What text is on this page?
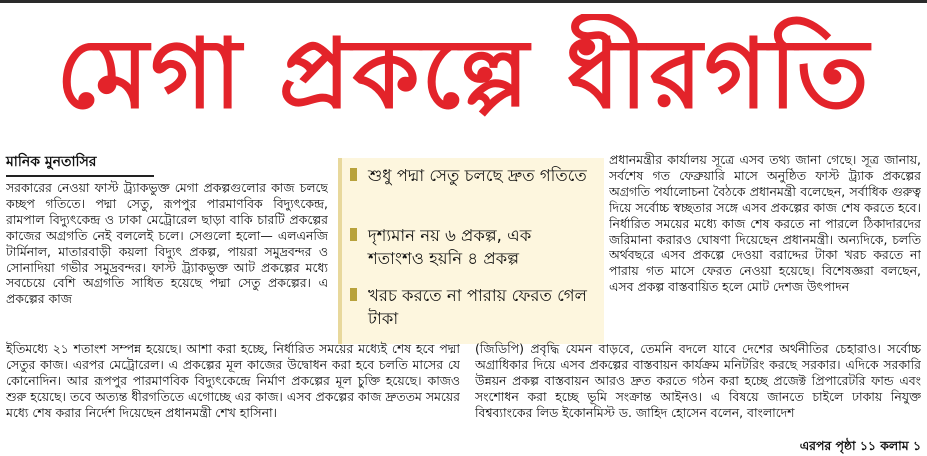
মেগা প্রকল্পে ধীরগতি
মানিক মুনতাসির

সরকারের নেওয়া ফাস্ট ট্র্যাকভুক্ত মেগা প্রকল্পগুলোর কাজ চলছে কচ্ছপ গতিতে। পদ্মা সেতু, রূপপুর পারমাণবিক বিদ্যুৎকেন্দ্র, রামপাল বিদ্যুৎকেন্দ্র ও ঢাকা মেট্রোরেল ছাড়া বাকি চারটি প্রকল্পের কাজের অগ্রগতি নেই বললেই চলে। সেগুলো হলো— এলএনজি টার্মিনাল, মাতারবাড়ী কয়লা বিদ্যুৎ প্রকল্প, পায়রা সমুদ্রবন্দর ও সোনাদিয়া গভীর সমুদ্রবন্দর। ফাস্ট ট্র্যাকভুক্ত আট প্রকল্পের মধ্যে সবচেয়ে বেশি অগ্রগতি সাধিত হয়েছে পদ্মা সেতু প্রকল্পের। এ প্রকল্পের কাজ

শুধু পদ্মা সেতু চলছে দ্রুত গতিতে
দৃশ্যমান নয় ৬ প্রকল্প, এক শতাংশও হয়নি ৪ প্রকল্প
খরচ করতে না পারায় ফেরত গেল টাকা

প্রধানমন্ত্রীর কার্যালয় সূত্রে এসব তথ্য জানা গেছে। সূত্র জানায়, সর্বশেষ গত ফেব্রুয়ারি মাসে অনুষ্ঠিত ফাস্ট ট্র্যাক প্রকল্পের অগ্রগতি পর্যালোচনা বৈঠকে প্রধানমন্ত্রী বলেছেন, সর্বাধিক গুরুত্ব দিয়ে সর্বোচ্চ স্বচ্ছতার সঙ্গে এসব প্রকল্পের কাজ শেষ করতে হবে। নির্ধারিত সময়ের মধ্যে কাজ শেষ করতে না পারলে ঠিকাদারদের জরিমানা করারও ঘোষণা দিয়েছেন প্রধানমন্ত্রী। অন্যদিকে, চলতি অর্থবছরে এসব প্রকল্পে দেওয়া বরাদ্দের টাকা খরচ করতে না পারায় গত মাসে ফেরত নেওয়া হয়েছে। বিশেষজ্ঞরা বলছেন, এসব প্রকল্প বাস্তবায়িত হলে মোট দেশজ উৎপাদন

ইতিমধ্যে ২১ শতাংশ সম্পন্ন হয়েছে। আশা করা হচ্ছে, নির্ধারিত সময়ের মধ্যেই শেষ হবে পদ্মা সেতুর কাজ। এরপর মেট্রোরেল। এ প্রকল্পের মূল কাজের উদ্বোধন করা হবে চলতি মাসের যে কোনোদিন। আর রূপপুর পারমাণবিক বিদ্যুৎকেন্দ্রে নির্মাণ প্রকল্পের মূল চুক্তি হয়েছে। কাজও শুরু হয়েছে। তবে অত্যন্ত ধীরগতিতে এগোচ্ছে এর কাজ। এসব প্রকল্পের কাজ দ্রুততম সময়ের মধ্যে শেষ করার নির্দেশ দিয়েছেন প্রধানমন্ত্রী শেখ হাসিনা।

(জিডিপি) প্রবৃদ্ধি যেমন বাড়বে, তেমনি বদলে যাবে দেশের অর্থনীতির চেহারাও। সর্বোচ্চ অগ্রাধিকার দিয়ে এসব প্রকল্পের বাস্তবায়ন কার্যক্রম মনিটরিং করছে সরকার। এদিকে সরকারি উন্নয়ন প্রকল্প বাস্তবায়ন আরও দ্রুত করতে গঠন করা হচ্ছে প্রজেক্ট প্রিপারেটরি ফান্ড এবং সংশোধন করা হচ্ছে ভূমি সংক্রান্ত আইনও। এ বিষয়ে জানতে চাইলে ঢাকায় নিযুক্ত বিশ্বব্যাংকের লিড ইকোনমিস্ট ড. জাহিদ হোসেন বলেন, বাংলাদেশ

এরপর পৃষ্ঠা ১১ কলাম ১
